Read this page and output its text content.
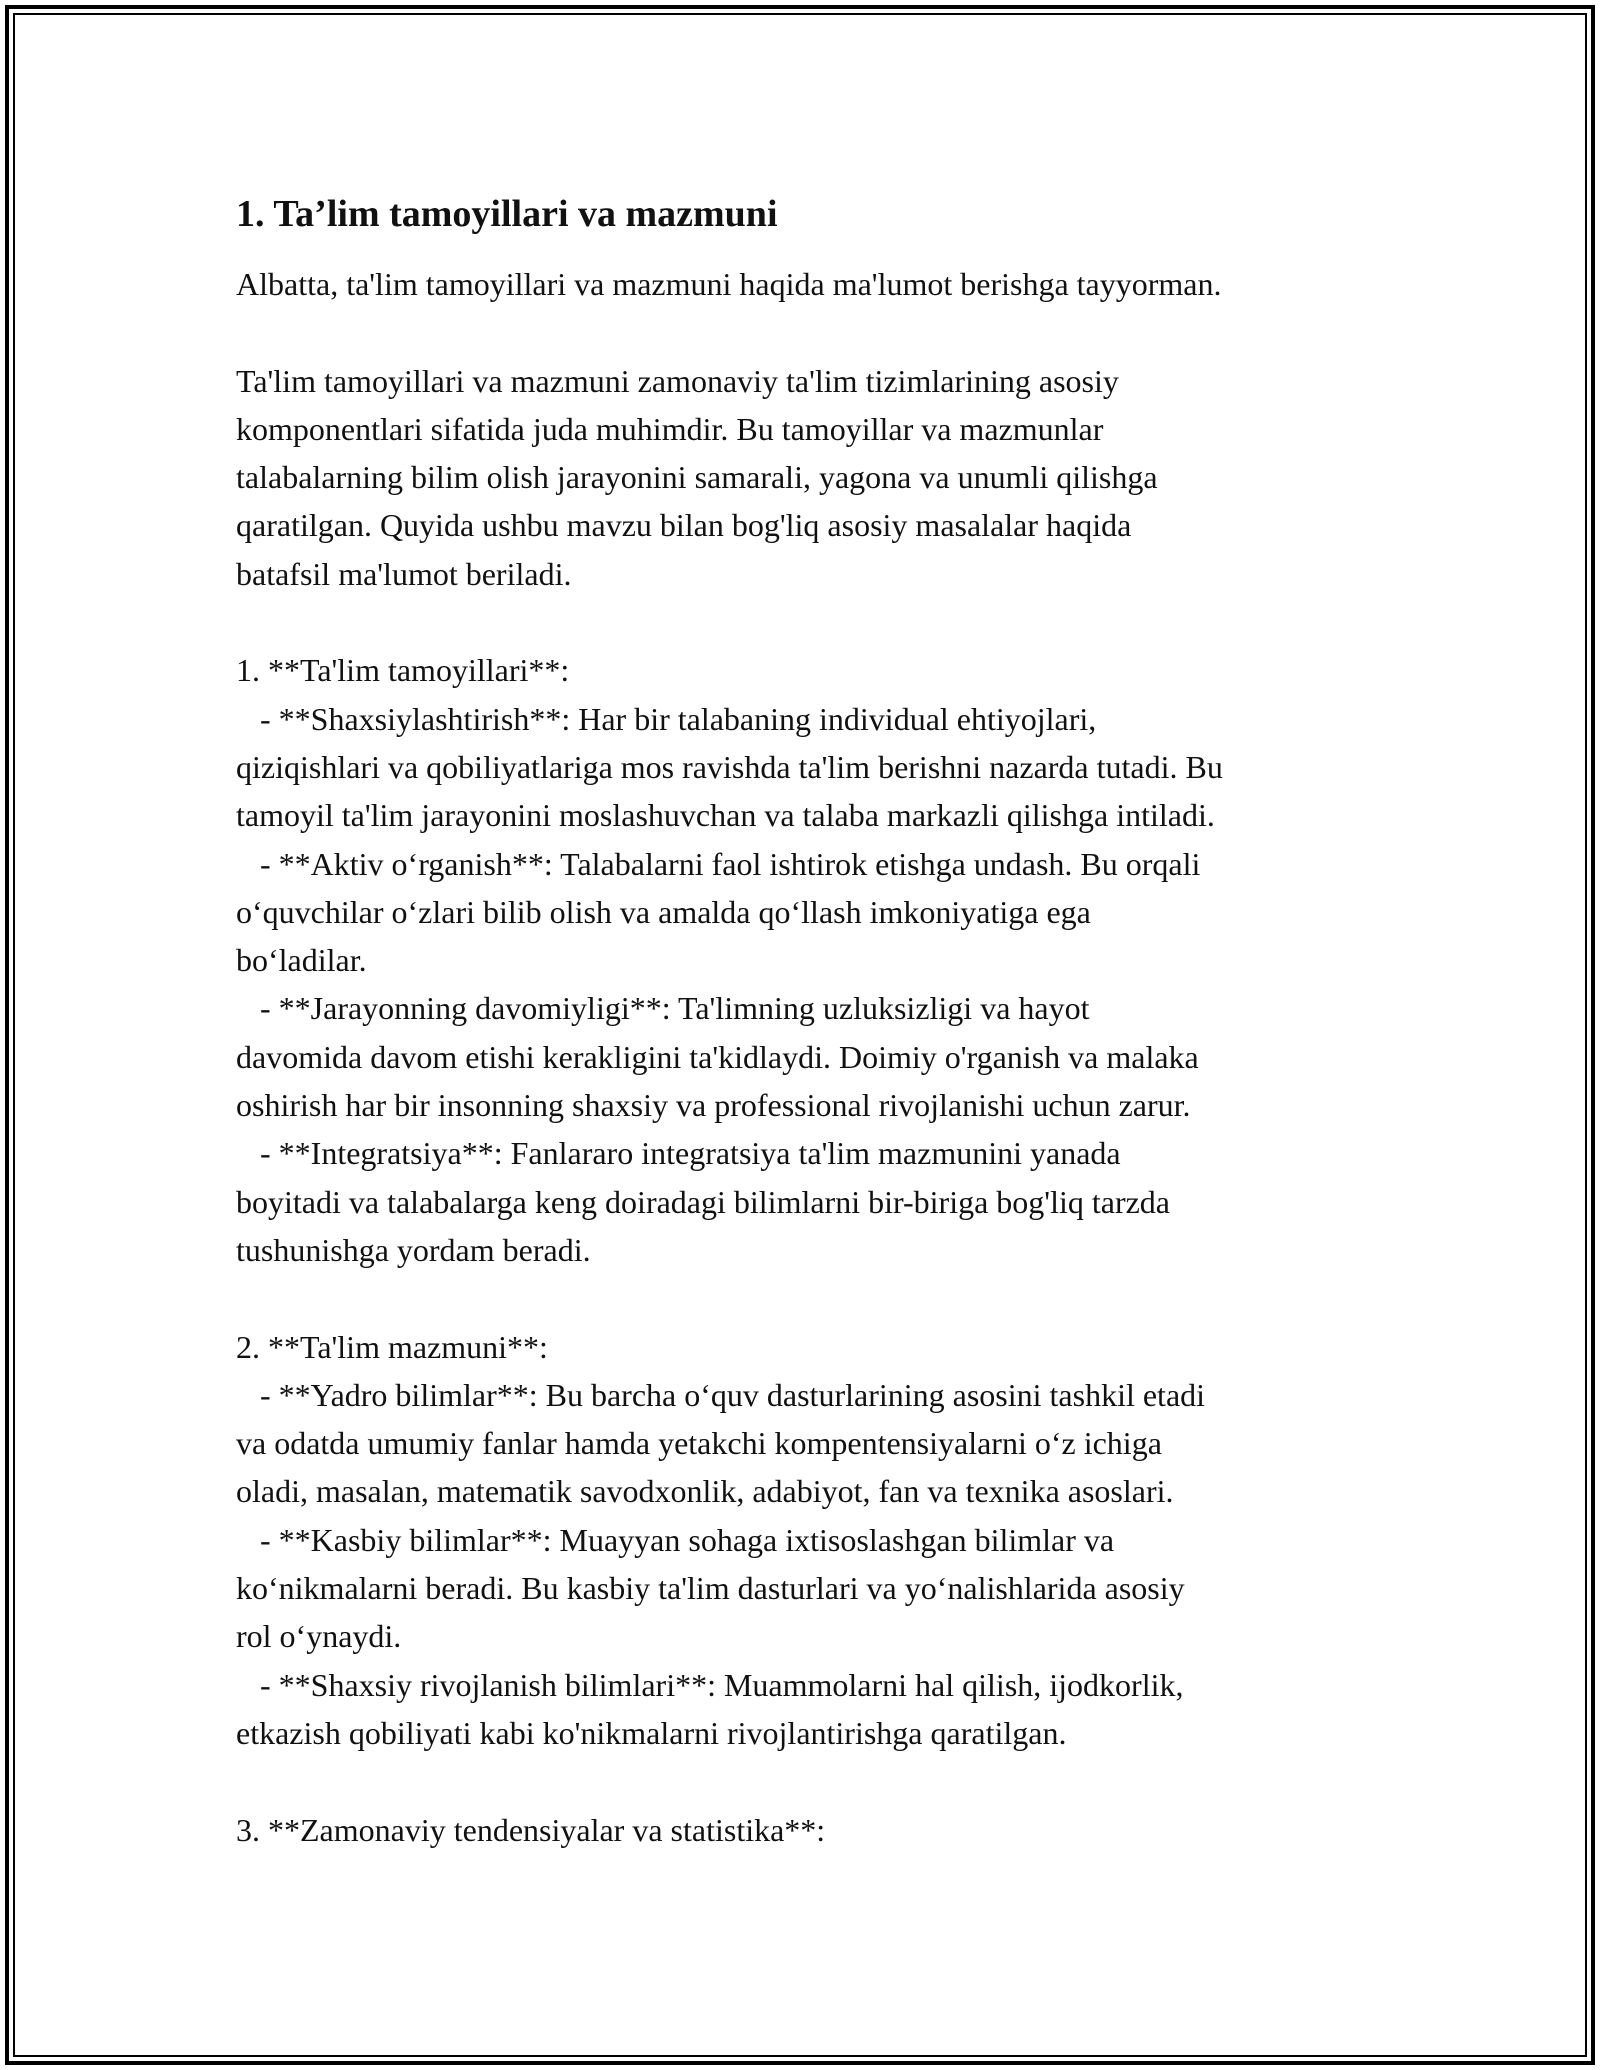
1. Ta’lim tamoyillari va mazmuni
Albatta, ta'lim tamoyillari va mazmuni haqida ma'lumot berishga tayyorman.
Ta'lim tamoyillari va mazmuni zamonaviy ta'lim tizimlarining asosiy
komponentlari sifatida juda muhimdir. Bu tamoyillar va mazmunlar
talabalarning bilim olish jarayonini samarali, yagona va unumli qilishga
qaratilgan. Quyida ushbu mavzu bilan bog'liq asosiy masalalar haqida
batafsil ma'lumot beriladi.
1. **Ta'lim tamoyillari**:
- **Shaxsiylashtirish**: Har bir talabaning individual ehtiyojlari,
qiziqishlari va qobiliyatlariga mos ravishda ta'lim berishni nazarda tutadi. Bu
tamoyil ta'lim jarayonini moslashuvchan va talaba markazli qilishga intiladi.
- **Aktiv o‘rganish**: Talabalarni faol ishtirok etishga undash. Bu orqali
o‘quvchilar o‘zlari bilib olish va amalda qo‘llash imkoniyatiga ega
bo‘ladilar.
- **Jarayonning davomiyligi**: Ta'limning uzluksizligi va hayot
davomida davom etishi kerakligini ta'kidlaydi. Doimiy o'rganish va malaka
oshirish har bir insonning shaxsiy va professional rivojlanishi uchun zarur.
- **Integratsiya**: Fanlararo integratsiya ta'lim mazmunini yanada
boyitadi va talabalarga keng doiradagi bilimlarni bir-biriga bog'liq tarzda
tushunishga yordam beradi.
2. **Ta'lim mazmuni**:
- **Yadro bilimlar**: Bu barcha o‘quv dasturlarining asosini tashkil etadi
va odatda umumiy fanlar hamda yetakchi kompentensiyalarni o‘z ichiga
oladi, masalan, matematik savodxonlik, adabiyot, fan va texnika asoslari.
- **Kasbiy bilimlar**: Muayyan sohaga ixtisoslashgan bilimlar va
ko‘nikmalarni beradi. Bu kasbiy ta'lim dasturlari va yo‘nalishlarida asosiy
rol o‘ynaydi.
- **Shaxsiy rivojlanish bilimlari**: Muammolarni hal qilish, ijodkorlik,
etkazish qobiliyati kabi ko'nikmalarni rivojlantirishga qaratilgan.
3. **Zamonaviy tendensiyalar va statistika**:
